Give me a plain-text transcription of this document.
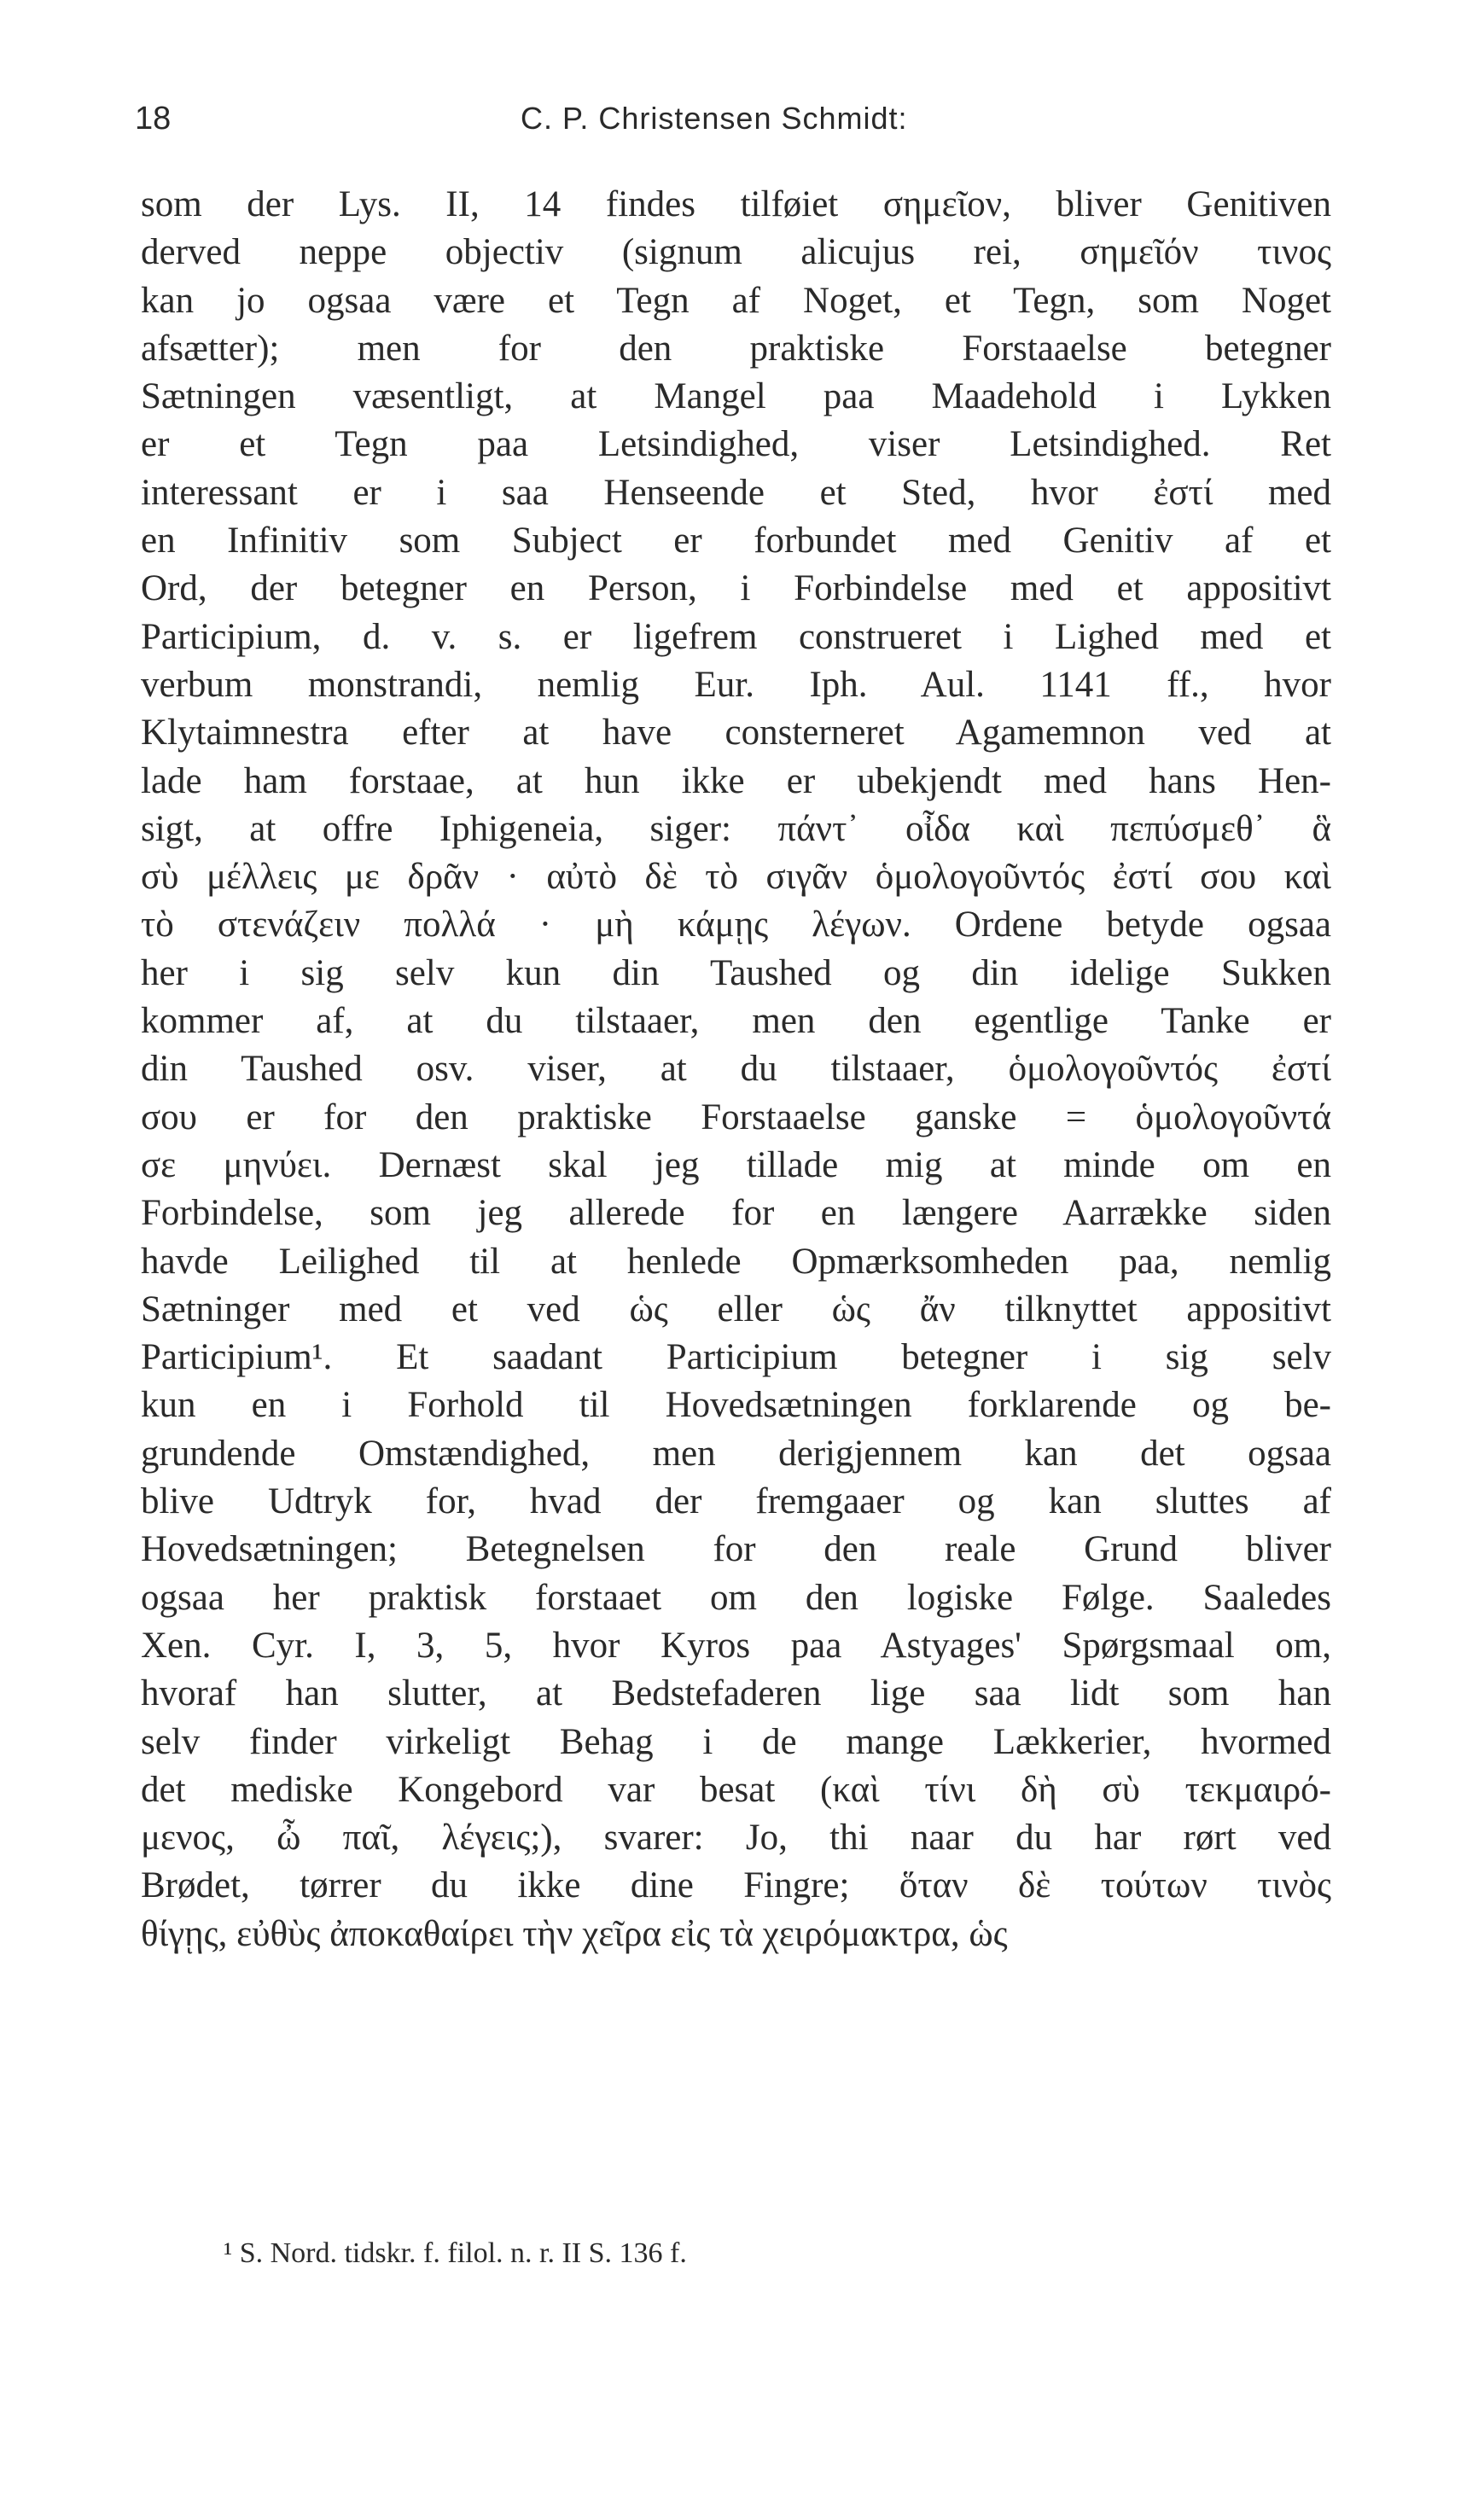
18	C. P. Christensen Schmidt:
som der Lys. II, 14 findes tilføiet σημεῖον, bliver Genitiven
derved neppe objectiv (signum alicujus rei, σημεῖόν τινος
kan jo ogsaa være et Tegn af Noget, et Tegn, som Noget
afsætter); men for den praktiske Forstaaelse betegner
Sætningen væsentligt, at Mangel paa Maadehold i Lykken
er et Tegn paa Letsindighed, viser Letsindighed. Ret
interessant er i saa Henseende et Sted, hvor ἐστί med
en Infinitiv som Subject er forbundet med Genitiv af et
Ord, der betegner en Person, i Forbindelse med et appositivt
Participium, d. v. s. er ligefrem construeret i Lighed med et
verbum monstrandi, nemlig Eur. Iph. Aul. 1141 ff., hvor
Klytaimnestra efter at have consterneret Agamemnon ved at
lade ham forstaae, at hun ikke er ubekjendt med hans Hen-
sigt, at offre Iphigeneia, siger: πάντ᾽ οἶδα καὶ πεπύσμεθ᾽ ἃ
σὺ μέλλεις με δρᾶν · αὐτὸ δὲ τὸ σιγᾶν ὁμολογοῦντός ἐστί σου καὶ
τὸ στενάζειν πολλά · μὴ κάμῃς λέγων. Ordene betyde ogsaa
her i sig selv kun din Taushed og din idelige Sukken
kommer af, at du tilstaaer, men den egentlige Tanke er
din Taushed osv. viser, at du tilstaaer, ὁμολογοῦντός ἐστί
σου er for den praktiske Forstaaelse ganske = ὁμολογοῦντά
σε μηνύει. Dernæst skal jeg tillade mig at minde om en
Forbindelse, som jeg allerede for en længere Aarrække siden
havde Leilighed til at henlede Opmærksomheden paa, nemlig
Sætninger med et ved ὡς eller ὡς ἄν tilknyttet appositivt
Participium¹. Et saadant Participium betegner i sig selv
kun en i Forhold til Hovedsætningen forklarende og be-
grundende Omstændighed, men derigjennem kan det ogsaa
blive Udtryk for, hvad der fremgaaer og kan sluttes af
Hovedsætningen; Betegnelsen for den reale Grund bliver
ogsaa her praktisk forstaaet om den logiske Følge. Saaledes
Xen. Cyr. I, 3, 5, hvor Kyros paa Astyages' Spørgsmaal om,
hvoraf han slutter, at Bedstefaderen lige saa lidt som han
selv finder virkeligt Behag i de mange Lækkerier, hvormed
det mediske Kongebord var besat (καὶ τίνι δὴ σὺ τεκμαιρό-
μενος, ὦ παῖ, λέγεις;), svarer: Jo, thi naar du har rørt ved
Brødet, tørrer du ikke dine Fingre; ὅταν δὲ τούτων τινὸς
θίγῃς, εὐθὺς ἀποκαθαίρει τὴν χεῖρα εἰς τὰ χειρόμακτρα, ὡς
¹ S. Nord. tidskr. f. filol. n. r. II S. 136 f.
